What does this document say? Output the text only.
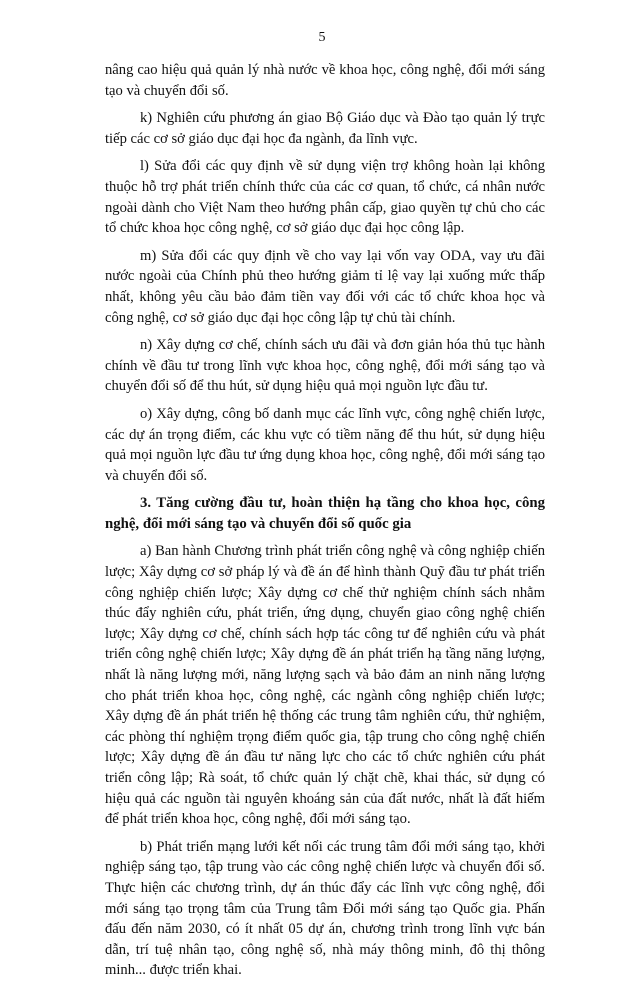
5

nâng cao hiệu quả quản lý nhà nước về khoa học, công nghệ, đổi mới sáng tạo và chuyển đổi số.

k) Nghiên cứu phương án giao Bộ Giáo dục và Đào tạo quản lý trực tiếp các cơ sở giáo dục đại học đa ngành, đa lĩnh vực.

l) Sửa đổi các quy định về sử dụng viện trợ không hoàn lại không thuộc hỗ trợ phát triển chính thức của các cơ quan, tổ chức, cá nhân nước ngoài dành cho Việt Nam theo hướng phân cấp, giao quyền tự chủ cho các tổ chức khoa học công nghệ, cơ sở giáo dục đại học công lập.

m) Sửa đổi các quy định về cho vay lại vốn vay ODA, vay ưu đãi nước ngoài của Chính phủ theo hướng giảm tỉ lệ vay lại xuống mức thấp nhất, không yêu cầu bảo đảm tiền vay đối với các tổ chức khoa học và công nghệ, cơ sở giáo dục đại học công lập tự chủ tài chính.

n) Xây dựng cơ chế, chính sách ưu đãi và đơn giản hóa thủ tục hành chính về đầu tư trong lĩnh vực khoa học, công nghệ, đổi mới sáng tạo và chuyển đổi số để thu hút, sử dụng hiệu quả mọi nguồn lực đầu tư.

o) Xây dựng, công bố danh mục các lĩnh vực, công nghệ chiến lược, các dự án trọng điểm, các khu vực có tiềm năng để thu hút, sử dụng hiệu quả mọi nguồn lực đầu tư ứng dụng khoa học, công nghệ, đổi mới sáng tạo và chuyển đổi số.

3. Tăng cường đầu tư, hoàn thiện hạ tầng cho khoa học, công nghệ, đổi mới sáng tạo và chuyển đổi số quốc gia

a) Ban hành Chương trình phát triển công nghệ và công nghiệp chiến lược; Xây dựng cơ sở pháp lý và đề án để hình thành Quỹ đầu tư phát triển công nghiệp chiến lược; Xây dựng cơ chế thử nghiệm chính sách nhằm thúc đẩy nghiên cứu, phát triển, ứng dụng, chuyển giao công nghệ chiến lược; Xây dựng cơ chế, chính sách hợp tác công tư để nghiên cứu và phát triển công nghệ chiến lược; Xây dựng đề án phát triển hạ tầng năng lượng, nhất là năng lượng mới, năng lượng sạch và bảo đảm an ninh năng lượng cho phát triển khoa học, công nghệ, các ngành công nghiệp chiến lược; Xây dựng đề án phát triển hệ thống các trung tâm nghiên cứu, thử nghiệm, các phòng thí nghiệm trọng điểm quốc gia, tập trung cho công nghệ chiến lược; Xây dựng đề án đầu tư năng lực cho các tổ chức nghiên cứu phát triển công lập; Rà soát, tổ chức quản lý chặt chẽ, khai thác, sử dụng có hiệu quả các nguồn tài nguyên khoáng sản của đất nước, nhất là đất hiếm để phát triển khoa học, công nghệ, đổi mới sáng tạo.

b) Phát triển mạng lưới kết nối các trung tâm đổi mới sáng tạo, khởi nghiệp sáng tạo, tập trung vào các công nghệ chiến lược và chuyển đổi số. Thực hiện các chương trình, dự án thúc đẩy các lĩnh vực công nghệ, đổi mới sáng tạo trọng tâm của Trung tâm Đổi mới sáng tạo Quốc gia. Phấn đấu đến năm 2030, có ít nhất 05 dự án, chương trình trong lĩnh vực bán dẫn, trí tuệ nhân tạo, công nghệ số, nhà máy thông minh, đô thị thông minh... được triển khai.
